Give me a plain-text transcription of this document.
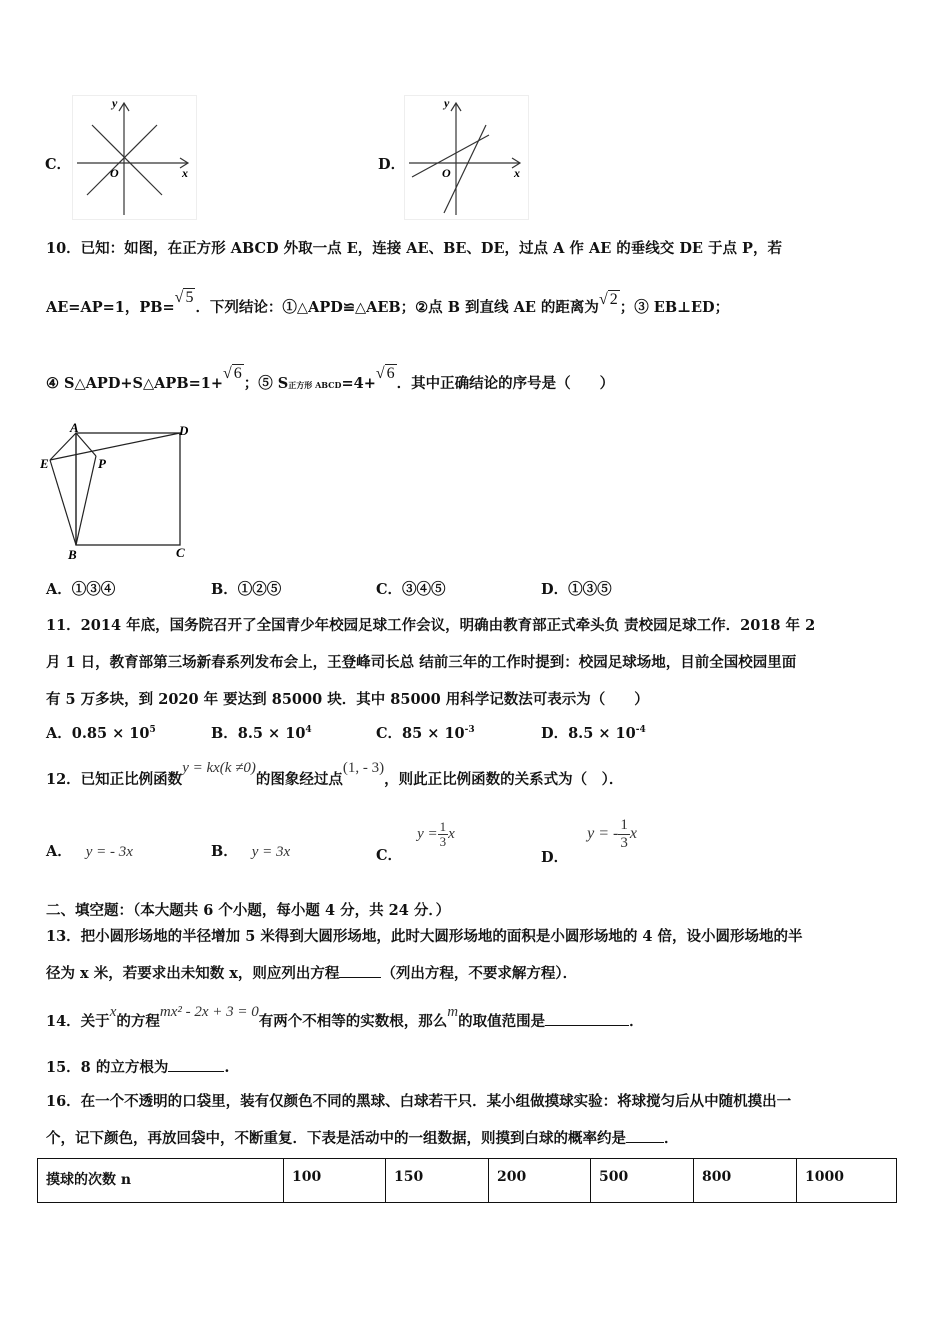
C．
y
x
O	D．
y
x
O
10．已知：如图，在正方形 ABCD 外取一点 E，连接 AE、BE、DE，过点 A 作 AE 的垂线交 DE 于点 P，若
AE=AP=1，PB=√ 5．下列结论：①△APD≌△AEB；②点 B 到直线 AE 的距离为√ 2 ；③ EB⊥ED；
④ S△APD+S△APB=1+√ 6；⑤ S正方形 ABCD=4+√ 6．其中正确结论的序号是（　　）
A	D
E	P
B	C
A．①③④	B．①②⑤	C．③④⑤	D．①③⑤
11．2014 年底，国务院召开了全国青少年校园足球工作会议，明确由教育部正式牵头负 责校园足球工作．2018 年 2
月 1 日，教育部第三场新春系列发布会上，王登峰司长总 结前三年的工作时提到：校园足球场地，目前全国校园里面
有 5 万多块，到 2020 年 要达到 85000 块．其中 85000 用科学记数法可表示为（　　）
A．$0.85 \times 10^5$	B．$8.5 \times 10^4$	C．$85 \times 10^{-3}$	D．$8.5 \times 10^{-4}$
12．已知正比例函数y = kx(k ≠0)的图象经过点(1, - 3)，则此正比例函数的关系式为（　）．
A． y = - 3x	B． y = 3x	C． $y = \frac{1}{3}$ x
D． y = - $\frac{1}{3}$ x
二、填空题：（本大题共 6 个小题，每小题 4 分，共 24 分．）
13．把小圆形场地的半径增加 5 米得到大圆形场地，此时大圆形场地的面积是小圆形场地的 4 倍，设小圆形场地的半
径为 x 米，若要求出未知数 x，则应列出方程	（列出方程，不要求解方程）．
14．关于x的方程mx² - 2x + 3 = 0有两个不相等的实数根，那么m的取值范围是	．
15．8 的立方根为	.
16．在一个不透明的口袋里，装有仅颜色不同的黑球、白球若干只．某小组做摸球实验：将球搅匀后从中随机摸出一
个，记下颜色，再放回袋中，不断重复．下表是活动中的一组数据，则摸到白球的概率约是	．
摸球的次数 n	100	150	200	500	800	1000
